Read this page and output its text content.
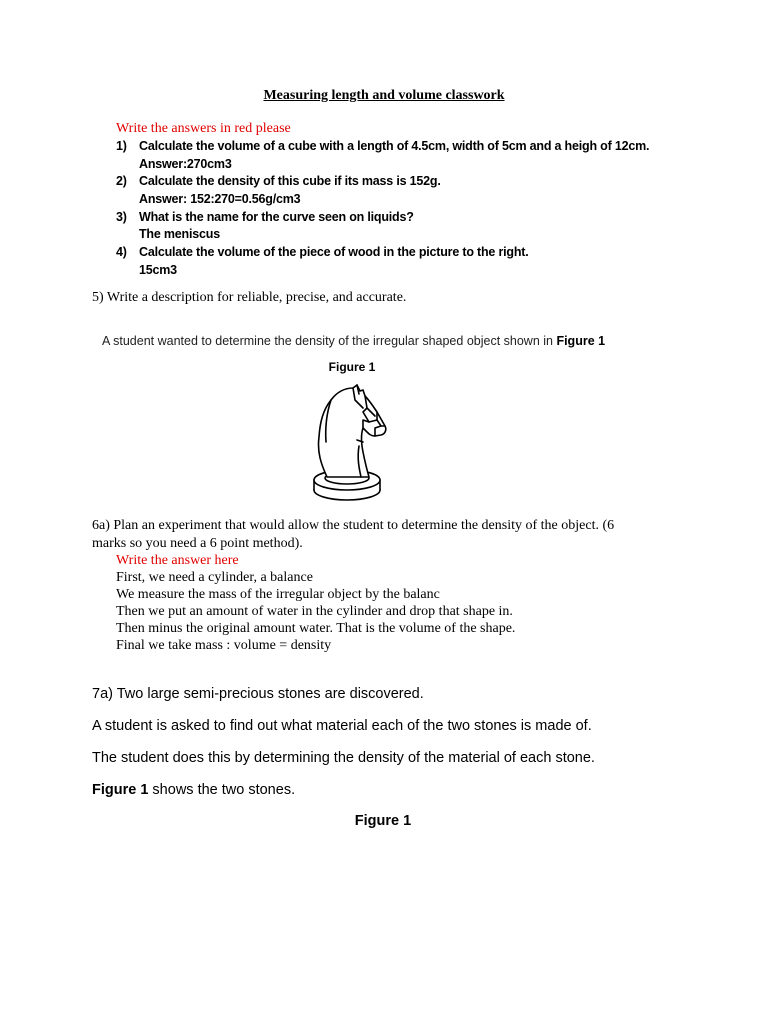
Measuring length and volume classwork

Write the answers in red please

1) Calculate the volume of a cube with a length of 4.5cm, width of 5cm and a heigh of 12cm.
Answer:270cm3
2) Calculate the density of this cube if its mass is 152g.
Answer: 152:270=0.56g/cm3
3) What is the name for the curve seen on liquids?
The meniscus
4) Calculate the volume of the piece of wood in the picture to the right.
15cm3

5) Write a description for reliable, precise, and accurate.

A student wanted to determine the density of the irregular shaped object shown in Figure 1

Figure 1

6a) Plan an experiment that would allow the student to determine the density of the object. (6

marks so you need a 6 point method).

Write the answer here

First, we need a cylinder, a balance

We measure the mass of the irregular object by the balanc

Then we put an amount of water in the cylinder and drop that shape in.

Then minus the original amount water. That is the volume of the shape.

Final we take mass : volume = density

7a) Two large semi-precious stones are discovered.

A student is asked to find out what material each of the two stones is made of.

The student does this by determining the density of the material of each stone.

Figure 1 shows the two stones.

Figure 1
